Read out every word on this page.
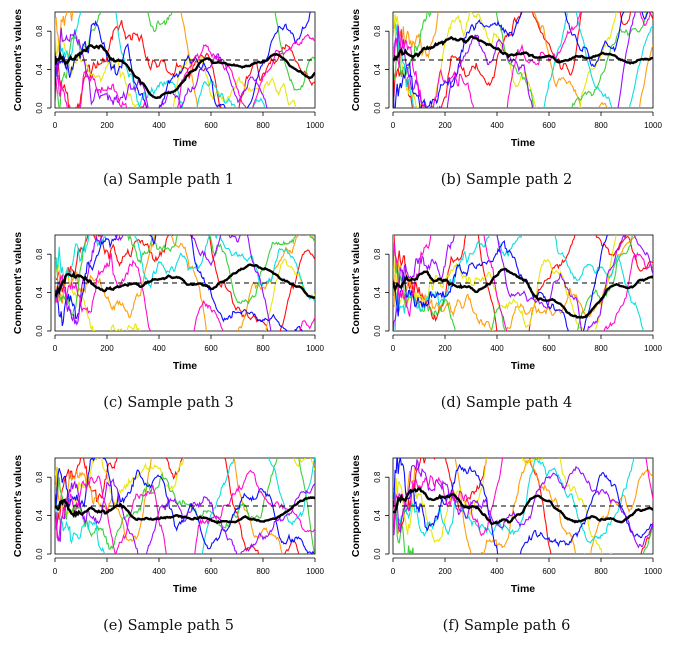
0	200	400	600	800	1000
0.0
0.4
0.8
Time
Component's values
(a) Sample path 1
0	200	400	600	800	1000
0.0
0.4
0.8
Time
Component's values
(b) Sample path 2
0	200	400	600	800	1000
0.0
0.4
0.8
Time
Component's values
(c) Sample path 3
0	200	400	600	800	1000
0.0
0.4
0.8
Time
Component's values
(d) Sample path 4
0	200	400	600	800	1000
0.0
0.4
0.8
Time
Component's values
(e) Sample path 5
0	200	400	600	800	1000
0.0
0.4
0.8
Time
Component's values
(f) Sample path 6
